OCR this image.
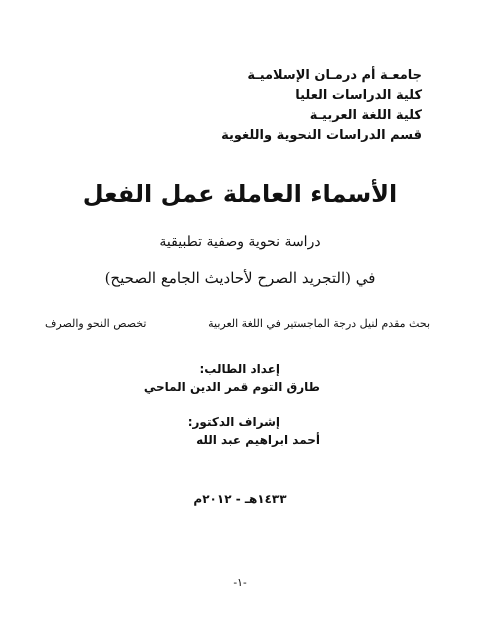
جامعـة أم درمـان الإسلاميـة
كلية الدراسات العليا
كلية اللغة العربيـة
قسم الدراسات النحوية واللغوية
الأسماء العاملة عمل الفعل
دراسة نحوية وصفية تطبيقية
في (التجريد الصرح لأحاديث الجامع الصحيح)
بحث مقدم لنيل درجة الماجستير في اللغة العربية
تخصص النحو والصرف
إعداد الطالب:
طارق التوم قمر الدين الماحي
إشراف الدكتور:
أحمد ابراهيم عبد الله
١٤٣٣هـ - ٢٠١٢م
-١-
